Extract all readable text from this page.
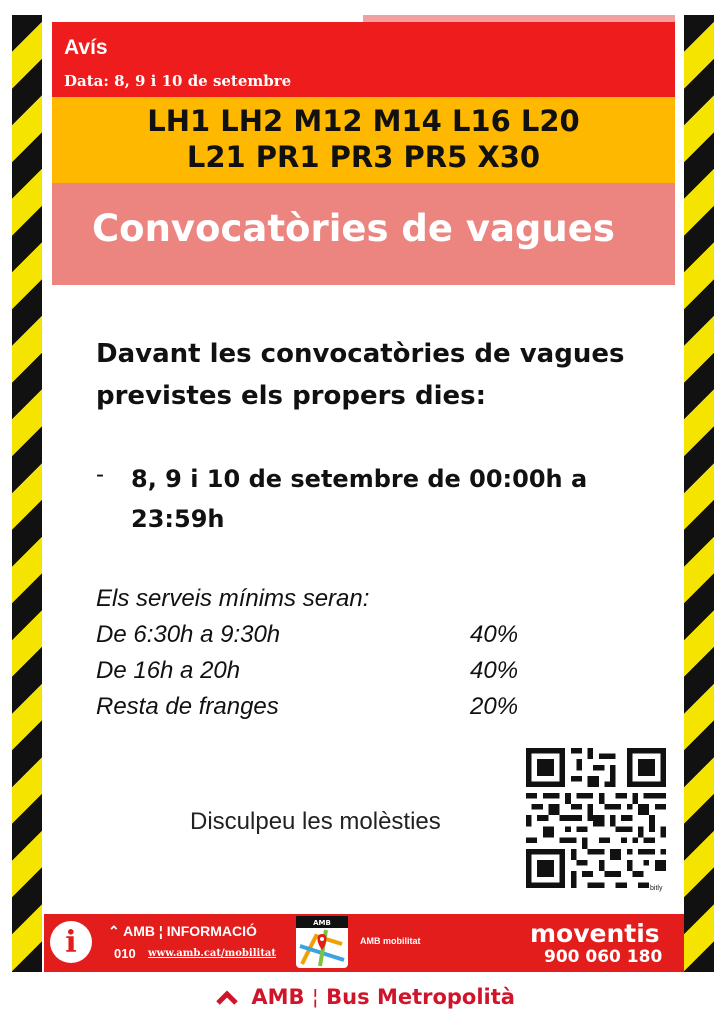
Avís
Data: 8, 9 i 10 de setembre
LH1 LH2 M12 M14 L16 L20
L21 PR1 PR3 PR5 X30
Convocatòries de vagues
Davant les convocatòries de vagues previstes els propers dies:
- 8, 9 i 10 de setembre de 00:00h a 23:59h
Els serveis mínims seran:
De 6:30h a 9:30h	40%
De 16h a 20h	40%
Resta de franges	20%
Disculpeu les molèsties
bitly
i	⌃ AMB ¦ INFORMACIÓ
010 www.amb.cat/mobilitat
AMB
AMB mobilitat	moventis
900 060 180
AMB ¦ Bus Metropolità
